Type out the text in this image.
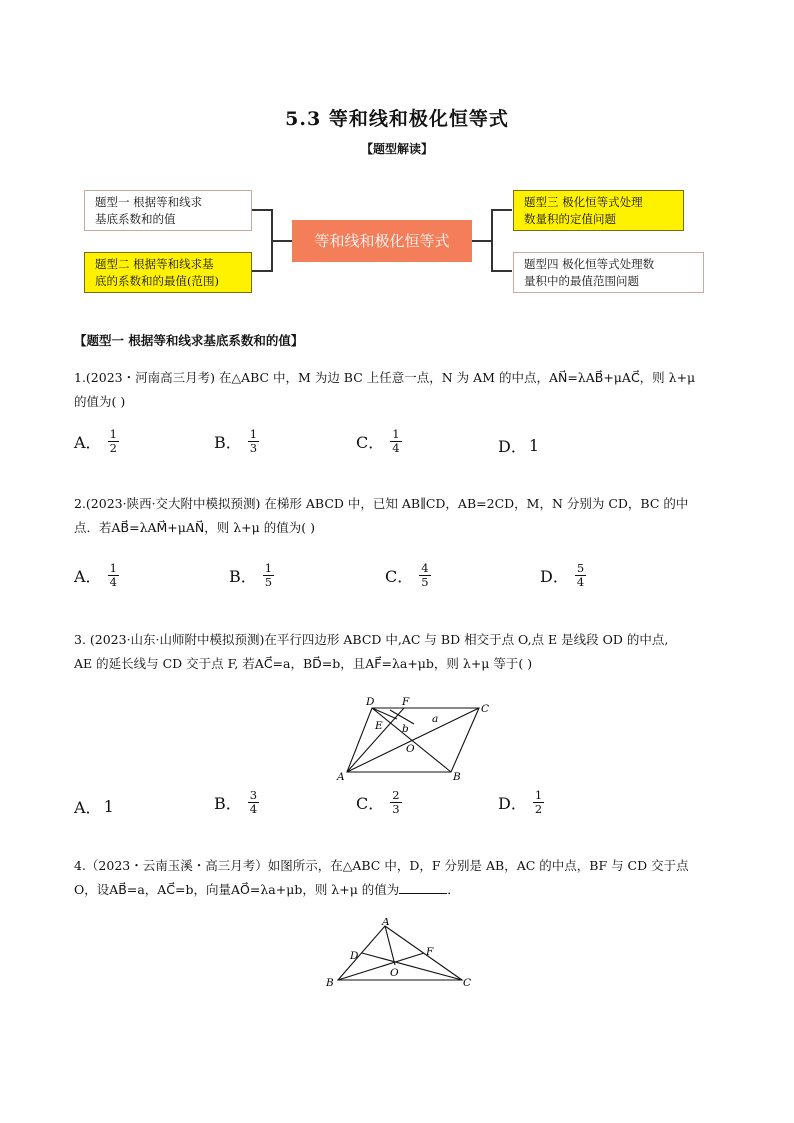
5.3 等和线和极化恒等式
【题型解读】
题型一 根据等和线求
基底系数和的值
题型二 根据等和线求基
底的系数和的最值(范围)
等和线和极化恒等式
题型三 极化恒等式处理
数量积的定值问题
题型四 极化恒等式处理数
量积中的最值范围问题
【题型一 根据等和线求基底系数和的值】
1.(2023・河南高三月考) 在△ABC 中，M 为边 BC 上任意一点，N 为 AM 的中点，AN⃗=λAB⃗+μAC⃗，则 λ+μ
的值为( )
A． $\frac{1}{2}$	B． $\frac{1}{3}$	C． $\frac{1}{4}$	D． 1
2.(2023·陕西·交大附中模拟预测) 在梯形 ABCD 中，已知 AB∥CD，AB=2CD，M，N 分别为 CD，BC 的中
点．若AB⃗=λAM⃗+μAN⃗，则 λ+μ 的值为( )
A． $\frac{1}{4}$	B． $\frac{1}{5}$	C． $\frac{4}{5}$	D． $\frac{5}{4}$
3. (2023·山东·山师附中模拟预测)在平行四边形 ABCD 中,AC 与 BD 相交于点 O,点 E 是线段 OD 的中点,
AE 的延长线与 CD 交于点 F, 若AC⃗=a，BD⃗=b，且AF⃗=λa+μb，则 λ+μ 等于( )
D	F
C
E b
a
O
A	B
A． 1	B． $\frac{3}{4}$	C． $\frac{2}{3}$	D． $\frac{1}{2}$
4.（2023・云南玉溪・高三月考）如图所示，在△ABC 中，D，F 分别是 AB，AC 的中点，BF 与 CD 交于点
O，设AB⃗=a，AC⃗=b，向量AO⃗=λa+μb，则 λ+μ 的值为	．
A
D	F
O
B	C
